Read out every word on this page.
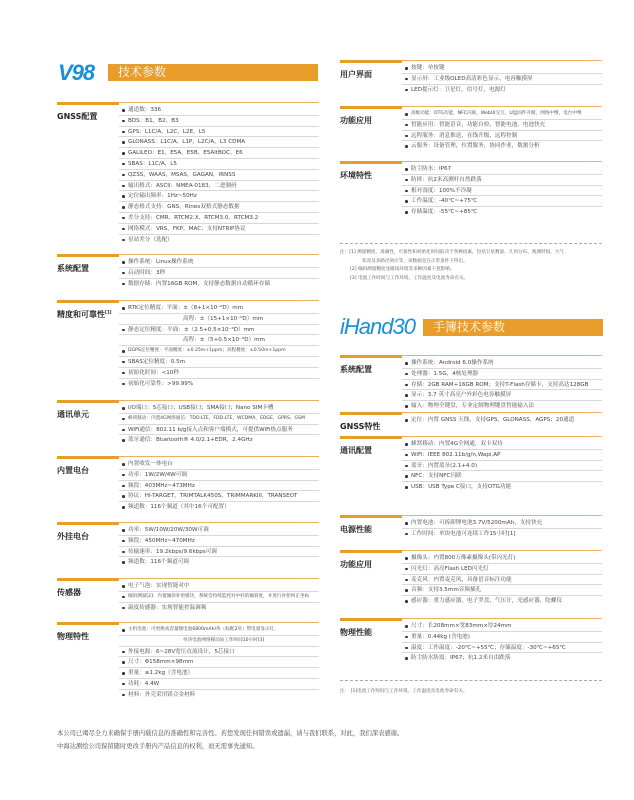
V98	技术参数
GNSS配置
通道数：336
BDS：B1，B2，B3
GPS：L1C/A，L2C，L2E，L5
GLONASS：L1C/A，L1P，L2C/A，L3 CDMA
GALILEO：E1，E5A，E5B，E5AltBOC，E6
SBAS：L1C/A，L5
QZSS，WAAS，MSAS，GAGAN，IRNSS
输出格式：ASCII：NMEA-0183，二进制码
定位输出频率：1Hz~50Hz
静态格式支持：GNS，Rinex双格式静态数据
差分支持：CMR、RTCM2.X、RTCM3.0、RTCM3.2
网络模式：VRS，FKP，MAC；支持NTRIP协议
星站差分（选配）
系统配置
操作系统：Linux操作系统
启动时间：3秒
数据存储：内置16GB ROM，支持静态数据自动循环存储
精度和可靠性[1]
RTK定位精度：平面：±（8+1×10⁻⁶D）mm
高程：±（15+1×10⁻⁶D）mm
静态定位精度：平面：±（2.5+0.5×10⁻⁶D）mm
高程：±（5+0.5×10⁻⁶D）mm
DGPS定位精度：平面精度：±0.25m+1ppm；高程精度：±0.50m+1ppm
SBAS定位精度：0.5m
初始化时间：<10秒
初始化可靠性：>99.99%
通讯单元
I/O端口：5芯接口；USB接口；SMA接口；Nano SIM卡槽
蜂窝移动：内置4G网络通信：TDD-LTE，FDD-LTE，WCDMA，EDGE，GPRS，GSM
WiFi通信：802.11 b/g接入点和客户端模式，可提供WiFi热点服务
蓝牙通信：Bluetooth® 4.0/2.1+EDR，2.4GHz
内置电台
内置收发一体电台
功率：1W/2W/4W可调
频段：403MHz~473MHz
协议：HI-TARGET，TRIMTALK450S，TRIMMARKIII，TRANSEOT
频道数：116个频道（其中16个可配置）
外挂电台
功率：5W/10W/20W/30W可调
频段：450MHz~470MHz
传输速率：19.2kbps/9.6kbps可调
频道数：116个频道可调
传感器
电子气泡：实现智能对中
倾斜测量[2]：内置倾斜补偿模块，系统会持续监控对中杆的倾斜度，并进行补偿纠正坐标
温度传感器：实现智能控温调频
物理特性
主机电池：可更换高容量锂电池6800mAh/块（标配2块）带电量显示灯，
单块电池网络移动站工作时间10小时[3]
外接电源：6~28V宽压直流设计，5芯接口
尺寸：Φ158mm×98mm
重量：≤1.2kg（含电池）
功耗：4.4W
材料：外壳采用镁合金材料
用户界面
按键：单按键
显示屏：工业级OLED高清彩色显示，电容触摸屏
LED提示灯：卫星灯，信号灯，电源灯
功能应用
高级功能：OTG功能，NFC闪联，WebUI交互，U盘固件升级，网络中继，电台中继
智能应用：智能语音，功能自检，智能电池、电池快充
远程服务：消息推送、在线升级、远程控制
云服务：设备管理，位置服务，协同作业，数据分析
环境特性
防尘防水：IP67
防摔：抗2米高测杆自然跌落
相对湿度：100%不冷凝
工作温度：-40℃~+75℃
存储温度：-55℃~+85℃
注：[1] 测量精度、准确性、可靠性和初始化时间取决于各种因素，包括卫星数量、几何分布、观测时间、大气
状况及多路径效应等，该数据是在正常条件下得出。
[2] 倾斜测量精度受磁场环境等多种因素干扰影响。
[3] 电池工作时间与工作环境、工作温度及电池寿命有关。
iHand30	手簿技术参数
系统配置
操作系统：Android 6.0操作系统
处理器：1.5G，4核处理器
存储：2GB RAM+16GB ROM；支持T-Flash存储卡，支持高达128GB
显示：3.7 英寸高亮户外彩色电容触摸屏
输入：物理全键盘，专业定制物理键盘智能输入法
GNSS特性
定位：内置 GNSS 天线，支持GPS，GLONASS，AGPS；20通道
通讯配置
蜂窝移动：内置4G全网通，双卡双待
WiFi：IEEE 802.11b/g/n,Wapi,AP
蓝牙：内置蓝牙(2.1+4.0)
NFC：支持NFC闪联
USB：USB Type C接口，支持OTG功能
电源性能
内置电池：可拆卸锂电池3.7V/5200mAh，支持快充
工作时间：单块电池可连续工作15小时[1]
功能应用
摄像头：内置800万像素摄像头(带闪光灯)
闪光灯：高亮Flash LED闪光灯
麦克风：内置麦克风，具备语音标注功能
音频：支持3.5mm音频插孔
感应器：重力感应器，电子罗盘，气压计，光感应器，陀螺仪
物理性能
尺寸：长208mm×宽83mm×厚24mm
重量：0.44kg (含电池)
温度：工作温度：-20℃~+55℃；存储温度：-30℃~+65℃
防尘防水防震：IP67；抗1.2米自由跌落
注： [1]电池工作时间与工作环境、工作温度及电池寿命有关。
本公司已竭尽全力来确保手册内载信息的准确性和完善性。若您发现任何错误或遗漏，请与我们联系，对此，我们深表感谢。
中海达测绘公司保留随时更改手册内产品信息的权利，而无需事先通知。
